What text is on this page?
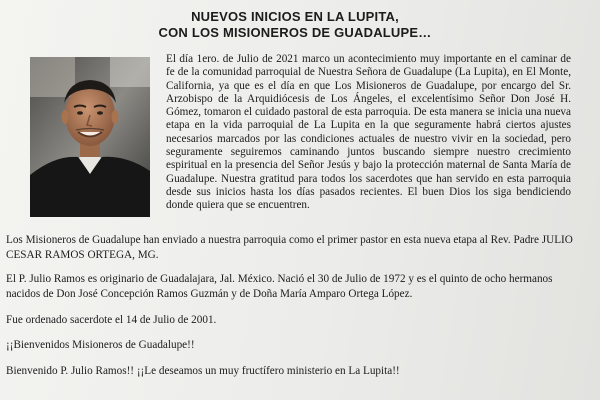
NUEVOS INICIOS EN LA LUPITA,
CON LOS MISIONEROS DE GUADALUPE…

El día 1ero. de Julio de 2021 marco un acontecimiento muy importante en el caminar de fe de la comunidad parroquial de Nuestra Señora de Guadalupe (La Lupita), en El Monte, California, ya que es el día en que Los Misioneros de Guadalupe, por encargo del Sr. Arzobispo de la Arquidiócesis de Los Ángeles, el excelentísimo Señor Don José H. Gómez, tomaron el cuidado pastoral de esta parroquia. De esta manera se inicia una nueva etapa en la vida parroquial de La Lupita en la que seguramente habrá ciertos ajustes necesarios marcados por las condiciones actuales de nuestro vivir en la sociedad, pero seguramente seguiremos caminando juntos buscando siempre nuestro crecimiento espiritual en la presencia del Señor Jesús y bajo la protección maternal de Santa María de Guadalupe. Nuestra gratitud para todos los sacerdotes que han servido en esta parroquia desde sus inicios hasta los días pasados recientes. El buen Dios los siga bendiciendo donde quiera que se encuentren.

Los Misioneros de Guadalupe han enviado a nuestra parroquia como el primer pastor en esta nueva etapa al Rev. Padre JULIO CESAR RAMOS ORTEGA, MG.

El P. Julio Ramos es originario de Guadalajara, Jal. México. Nació el 30 de Julio de 1972 y es el quinto de ocho hermanos nacidos de Don José Concepción Ramos Guzmán y de Doña María Amparo Ortega López.

Fue ordenado sacerdote el 14 de Julio de 2001.

¡¡Bienvenidos Misioneros de Guadalupe!!

Bienvenido P. Julio Ramos!! ¡¡Le deseamos un muy fructífero ministerio en La Lupita!!
